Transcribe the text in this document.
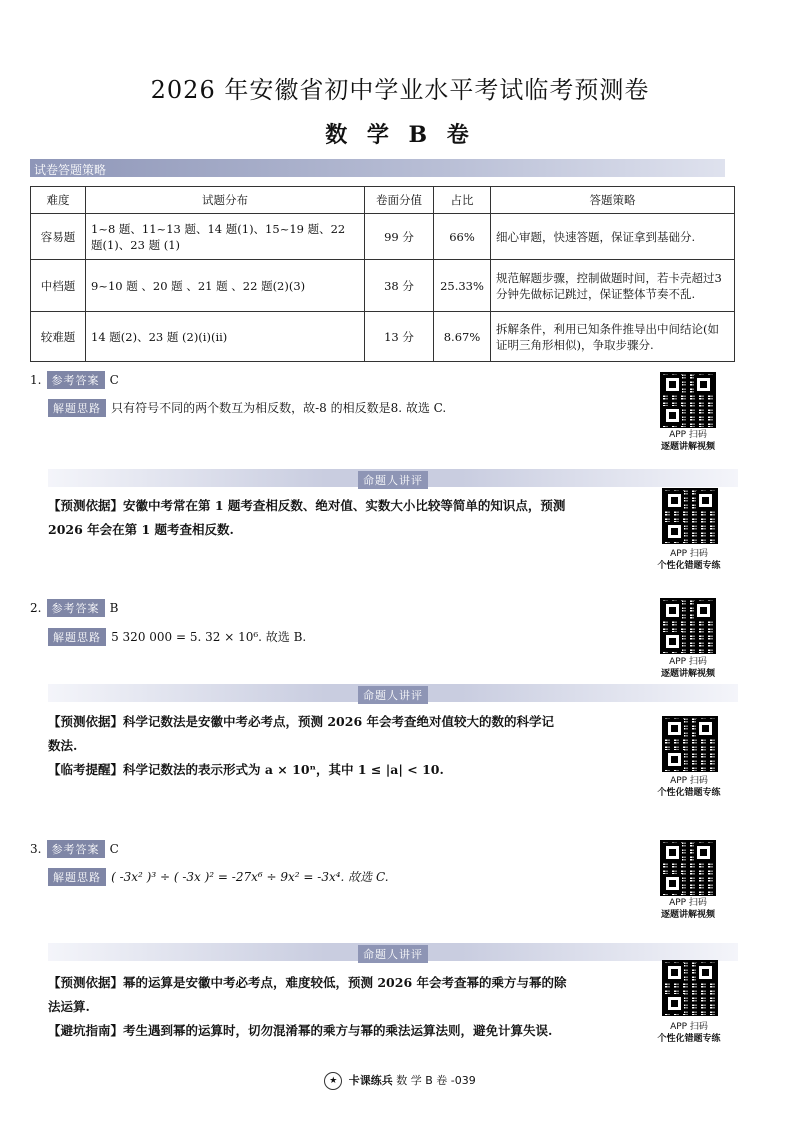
2026 年安徽省初中学业水平考试临考预测卷
数 学 B 卷
试卷答题策略
难度	试题分布	卷面分值	占比	答题策略
容易题	1~8 题、11~13 题、14 题(1)、15~19 题、22 题(1)、23 题 (1)	99 分	66%	细心审题，快速答题，保证拿到基础分.
中档题	9~10 题 、20 题 、21 题 、22 题(2)(3)	38 分	25.33%	规范解题步骤，控制做题时间，若卡壳超过3分钟先做标记跳过，保证整体节奏不乱.
较难题	14 题(2)、23 题 (2)(i)(ii)	13 分	8.67%	拆解条件，利用已知条件推导出中间结论(如证明三角形相似)，争取步骤分.
1. 参考答案 C
解题思路 只有符号不同的两个数互为相反数，故-8 的相反数是8. 故选 C.
APP 扫码
逐题讲解视频
命题人讲评
【预测依据】安徽中考常在第 1 题考查相反数、绝对值、实数大小比较等简单的知识点，预测
2026 年会在第 1 题考查相反数.
APP 扫码
个性化错题专练
2. 参考答案 B
解题思路 5 320 000 = 5. 32 × 10⁶. 故选 B.
APP 扫码
逐题讲解视频
命题人讲评
【预测依据】科学记数法是安徽中考必考点，预测 2026 年会考查绝对值较大的数的科学记
数法.
【临考提醒】科学记数法的表示形式为 a × 10ⁿ，其中 1 ≤ |a| < 10.
APP 扫码
个性化错题专练
3. 参考答案 C
解题思路 ( -3x² )³ ÷ ( -3x )² = -27x⁶ ÷ 9x² = -3x⁴. 故选 C.
APP 扫码
逐题讲解视频
命题人讲评
【预测依据】幂的运算是安徽中考必考点，难度较低，预测 2026 年会考查幂的乘方与幂的除
法运算.
【避坑指南】考生遇到幂的运算时，切勿混淆幂的乘方与幂的乘法运算法则，避免计算失误.	APP 扫码
个性化错题专练
★ 卡课练兵 数 学 B 卷 -039
